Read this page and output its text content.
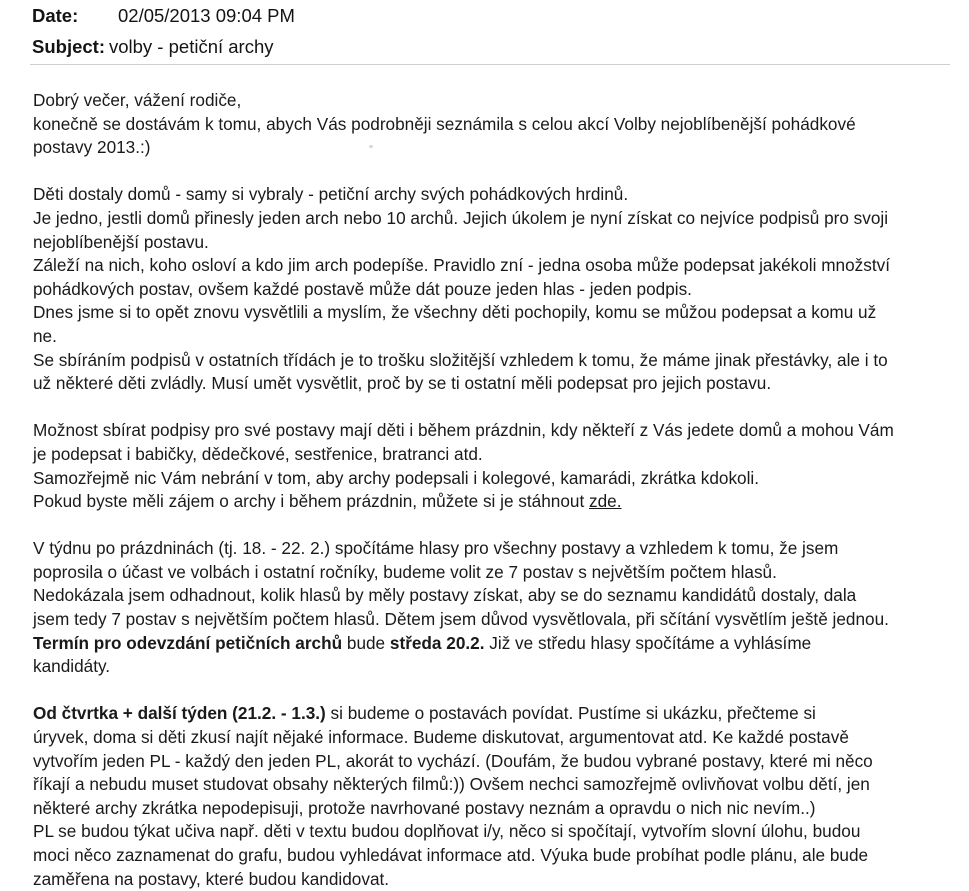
Date: 02/05/2013 09:04 PM
Subject: volby - petiční archy

Dobrý večer, vážení rodiče,

konečně se dostávám k tomu, abych Vás podrobněji seznámila s celou akcí Volby nejoblíbenější pohádkové

postavy 2013.:)

Děti dostaly domů - samy si vybraly - petiční archy svých pohádkových hrdinů.

Je jedno, jestli domů přinesly jeden arch nebo 10 archů. Jejich úkolem je nyní získat co nejvíce podpisů pro svoji

nejoblíbenější postavu.

Záleží na nich, koho osloví a kdo jim arch podepíše. Pravidlo zní - jedna osoba může podepsat jakékoli množství

pohádkových postav, ovšem každé postavě může dát pouze jeden hlas - jeden podpis.

Dnes jsme si to opět znovu vysvětlili a myslím, že všechny děti pochopily, komu se můžou podepsat a komu už

ne.

Se sbíráním podpisů v ostatních třídách je to trošku složitější vzhledem k tomu, že máme jinak přestávky, ale i to

už některé děti zvládly. Musí umět vysvětlit, proč by se ti ostatní měli podepsat pro jejich postavu.

Možnost sbírat podpisy pro své postavy mají děti i během prázdnin, kdy někteří z Vás jedete domů a mohou Vám

je podepsat i babičky, dědečkové, sestřenice, bratranci atd.

Samozřejmě nic Vám nebrání v tom, aby archy podepsali i kolegové, kamarádi, zkrátka kdokoli.

Pokud byste měli zájem o archy i během prázdnin, můžete si je stáhnout zde.

V týdnu po prázdninách (tj. 18. - 22. 2.) spočítáme hlasy pro všechny postavy a vzhledem k tomu, že jsem

poprosila o účast ve volbách i ostatní ročníky, budeme volit ze 7 postav s největším počtem hlasů.

Nedokázala jsem odhadnout, kolik hlasů by měly postavy získat, aby se do seznamu kandidátů dostaly, dala

jsem tedy 7 postav s největším počtem hlasů. Dětem jsem důvod vysvětlovala, při sčítání vysvětlím ještě jednou.

Termín pro odevzdání petičních archů bude středa 20.2. Již ve středu hlasy spočítáme a vyhlásíme

kandidáty.

Od čtvrtka + další týden (21.2. - 1.3.) si budeme o postavách povídat. Pustíme si ukázku, přečteme si

úryvek, doma si děti zkusí najít nějaké informace. Budeme diskutovat, argumentovat atd. Ke každé postavě

vytvořím jeden PL - každý den jeden PL, akorát to vychází. (Doufám, že budou vybrané postavy, které mi něco

říkají a nebudu muset studovat obsahy některých filmů:)) Ovšem nechci samozřejmě ovlivňovat volbu dětí, jen

některé archy zkrátka nepodepisuji, protože navrhované postavy neznám a opravdu o nich nic nevím..)

PL se budou týkat učiva např. děti v textu budou doplňovat i/y, něco si spočítají, vytvořím slovní úlohu, budou

moci něco zaznamenat do grafu, budou vyhledávat informace atd. Výuka bude probíhat podle plánu, ale bude

zaměřena na postavy, které budou kandidovat.
